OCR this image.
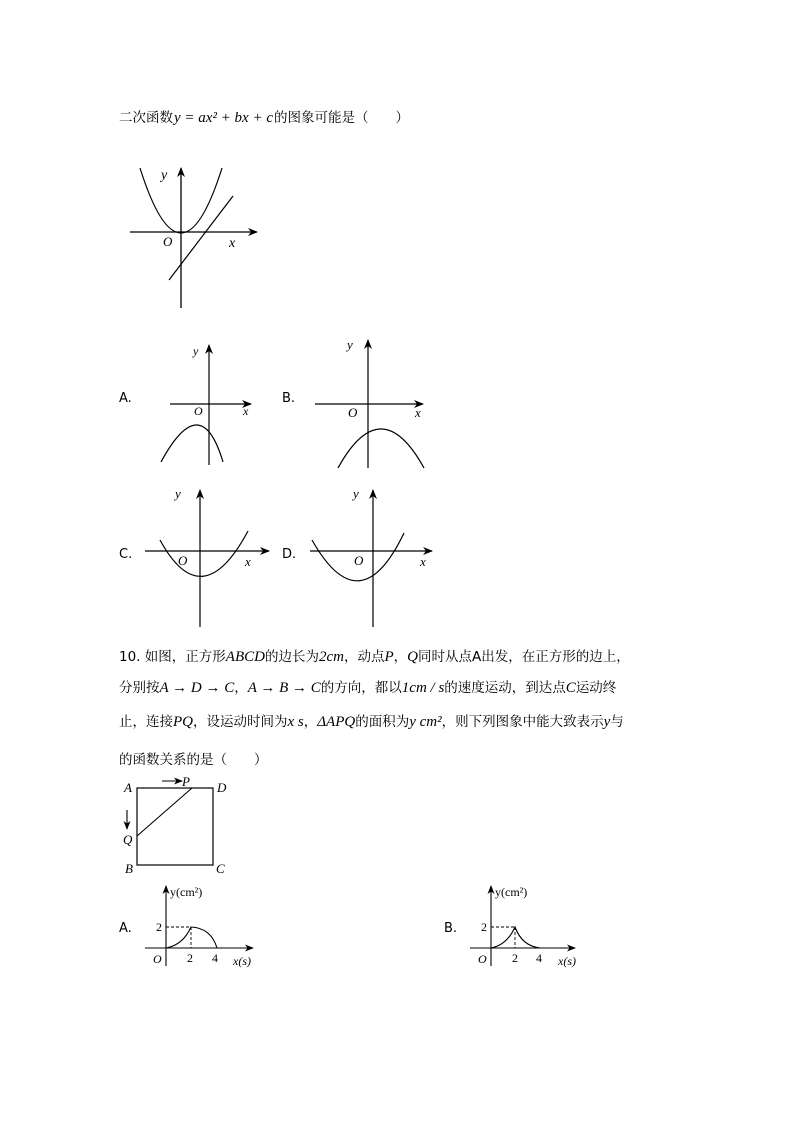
二次函数y = ax² + bx + c的图象可能是（　　）
y
x
O
A.
y
x
O
B.
y
x
O
C.
y
x
O	D.
y
x
O
10. 如图，正方形ABCD的边长为2cm，动点P，Q同时从点A出发，在正方形的边上，
分别按A → D → C，A → B → C的方向，都以1cm / s的速度运动，到达点C运动终
止，连接PQ，设运动时间为x s，ΔAPQ的面积为y cm²，则下列图象中能大致表示y与
的函数关系的是（　　）
A	D
B	C
P
Q
A.
y(cm²)
2
O 2 4 x(s)
B.
y(cm²)
2
O 2 4 x(s)
